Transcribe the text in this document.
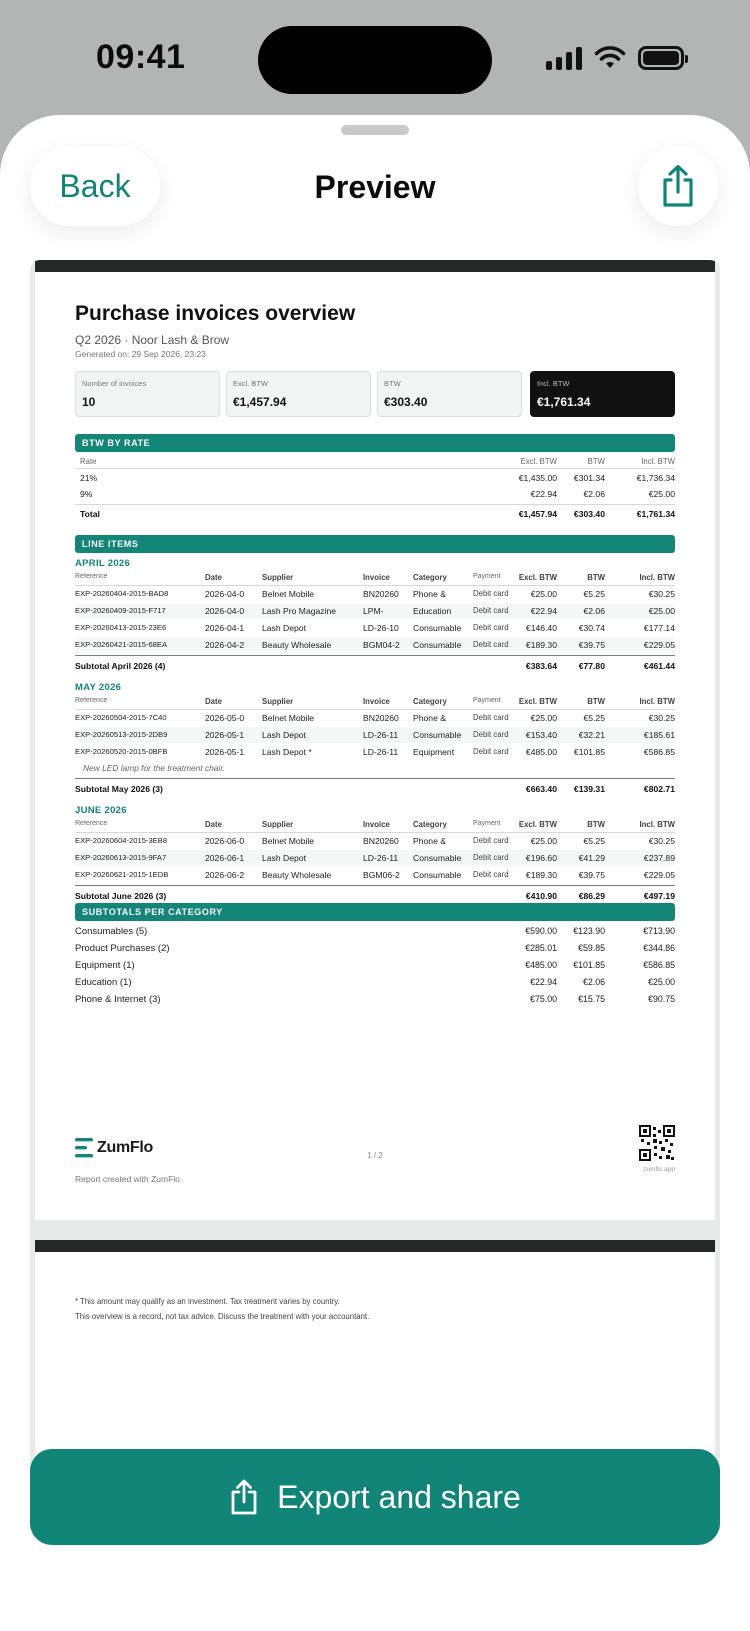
09:41
Back	Preview
Purchase invoices overview
Q2 2026 · Noor Lash & Brow
Generated on: 29 Sep 2026, 23:23
Number of invoices
10
Excl. BTW
€1,457.94
BTW
€303.40
Incl. BTW
€1,761.34
BTW BY RATE
Rate	Excl. BTW	BTW	Incl. BTW
21%	€1,435.00	€301.34	€1,736.34
9%	€22.94	€2.06	€25.00
Total	€1,457.94	€303.40	€1,761.34
LINE ITEMS
APRIL 2026
Reference	Date	Supplier	Invoice	Category	Payment	Excl. BTW	BTW	Incl. BTW
EXP-20260404-2015-BAD8	2026-04-0	Belnet Mobile	BN20260	Phone &	Debit card	€25.00	€5.25	€30.25
EXP-20260409-2015-F717	2026-04-0	Lash Pro Magazine	LPM-	Education	Debit card	€22.94	€2.06	€25.00
EXP-20260413-2015-23E6	2026-04-1	Lash Depot	LD-26-10	Consumable	Debit card	€146.40	€30.74	€177.14
EXP-20260421-2015-68EA	2026-04-2	Beauty Wholesale	BGM04-2	Consumable	Debit card	€189.30	€39.75	€229.05
Subtotal April 2026 (4)	€383.64	€77.80	€461.44
MAY 2026
Reference	Date	Supplier	Invoice	Category	Payment	Excl. BTW	BTW	Incl. BTW
EXP-20260504-2015-7C40	2026-05-0	Belnet Mobile	BN20260	Phone &	Debit card	€25.00	€5.25	€30.25
EXP-20260513-2015-2DB9	2026-05-1	Lash Depot	LD-26-11	Consumable	Debit card	€153.40	€32.21	€185.61
EXP-20260520-2015-0BFB	2026-05-1	Lash Depot *	LD-26-11	Equipment	Debit card	€485.00	€101.85	€586.85
New LED lamp for the treatment chair.
Subtotal May 2026 (3)	€663.40	€139.31	€802.71
JUNE 2026
Reference	Date	Supplier	Invoice	Category	Payment	Excl. BTW	BTW	Incl. BTW
EXP-20260604-2015-3EB8	2026-06-0	Belnet Mobile	BN20260	Phone &	Debit card	€25.00	€5.25	€30.25
EXP-20260613-2015-9FA7	2026-06-1	Lash Depot	LD-26-11	Consumable	Debit card	€196.60	€41.29	€237.89
EXP-20260621-2015-1EDB	2026-06-2	Beauty Wholesale	BGM06-2	Consumable	Debit card	€189.30	€39.75	€229.05
Subtotal June 2026 (3)	€410.90	€86.29	€497.19
SUBTOTALS PER CATEGORY
Consumables (5)	€590.00	€123.90	€713.90
Product Purchases (2)	€285.01	€59.85	€344.86
Equipment (1)	€485.00	€101.85	€586.85
Education (1)	€22.94	€2.06	€25.00
Phone & Internet (3)	€75.00	€15.75	€90.75
ZumFlo	1 / 2
Report created with ZumFlo
zumflo.app
* This amount may qualify as an investment. Tax treatment varies by country.
This overview is a record, not tax advice. Discuss the treatment with your accountant.
Export and share
